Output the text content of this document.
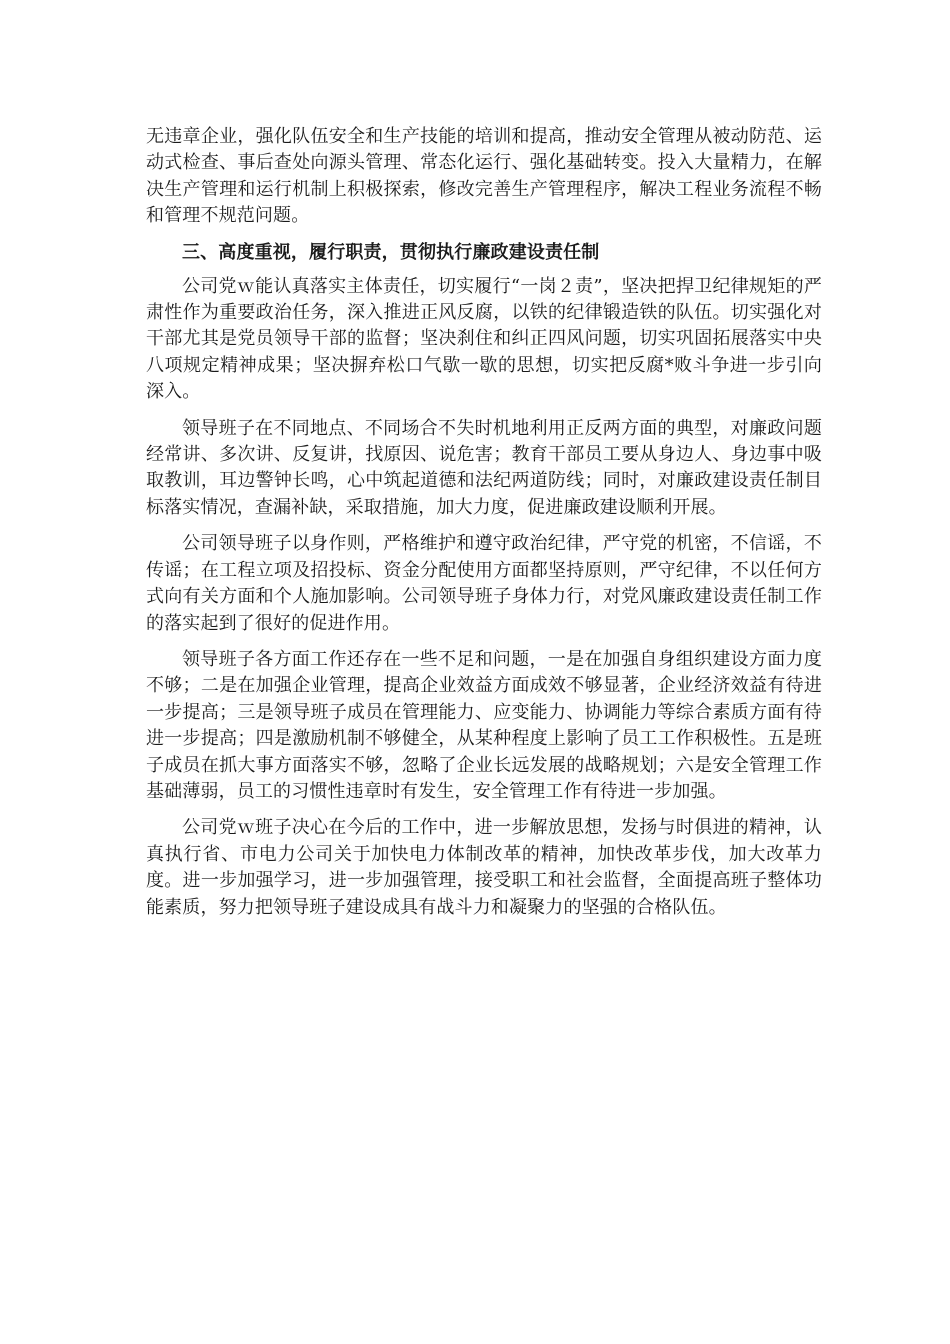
无违章企业，强化队伍安全和生产技能的培训和提高，推动安全管理从被动防范、运动式检查、事后查处向源头管理、常态化运行、强化基础转变。投入大量精力，在解决生产管理和运行机制上积极探索，修改完善生产管理程序，解决工程业务流程不畅和管理不规范问题。

三、高度重视，履行职责，贯彻执行廉政建设责任制

公司党ｗ能认真落实主体责任，切实履行“一岗２责”，坚决把捍卫纪律规矩的严肃性作为重要政治任务，深入推进正风反腐，以铁的纪律锻造铁的队伍。切实强化对干部尤其是党员领导干部的监督；坚决刹住和纠正四风问题，切实巩固拓展落实中央八项规定精神成果；坚决摒弃松口气歇一歇的思想，切实把反腐*败斗争进一步引向深入。

领导班子在不同地点、不同场合不失时机地利用正反两方面的典型，对廉政问题经常讲、多次讲、反复讲，找原因、说危害；教育干部员工要从身边人、身边事中吸取教训，耳边警钟长鸣，心中筑起道德和法纪两道防线；同时，对廉政建设责任制目标落实情况，查漏补缺，采取措施，加大力度，促进廉政建设顺利开展。

公司领导班子以身作则，严格维护和遵守政治纪律，严守党的机密，不信谣，不传谣；在工程立项及招投标、资金分配使用方面都坚持原则，严守纪律，不以任何方式向有关方面和个人施加影响。公司领导班子身体力行，对党风廉政建设责任制工作的落实起到了很好的促进作用。

领导班子各方面工作还存在一些不足和问题，一是在加强自身组织建设方面力度不够；二是在加强企业管理，提高企业效益方面成效不够显著，企业经济效益有待进一步提高；三是领导班子成员在管理能力、应变能力、协调能力等综合素质方面有待进一步提高；四是激励机制不够健全，从某种程度上影响了员工工作积极性。五是班子成员在抓大事方面落实不够，忽略了企业长远发展的战略规划；六是安全管理工作基础薄弱，员工的习惯性违章时有发生，安全管理工作有待进一步加强。

公司党ｗ班子决心在今后的工作中，进一步解放思想，发扬与时俱进的精神，认真执行省、市电力公司关于加快电力体制改革的精神，加快改革步伐，加大改革力度。进一步加强学习，进一步加强管理，接受职工和社会监督，全面提高班子整体功能素质，努力把领导班子建设成具有战斗力和凝聚力的坚强的合格队伍。
